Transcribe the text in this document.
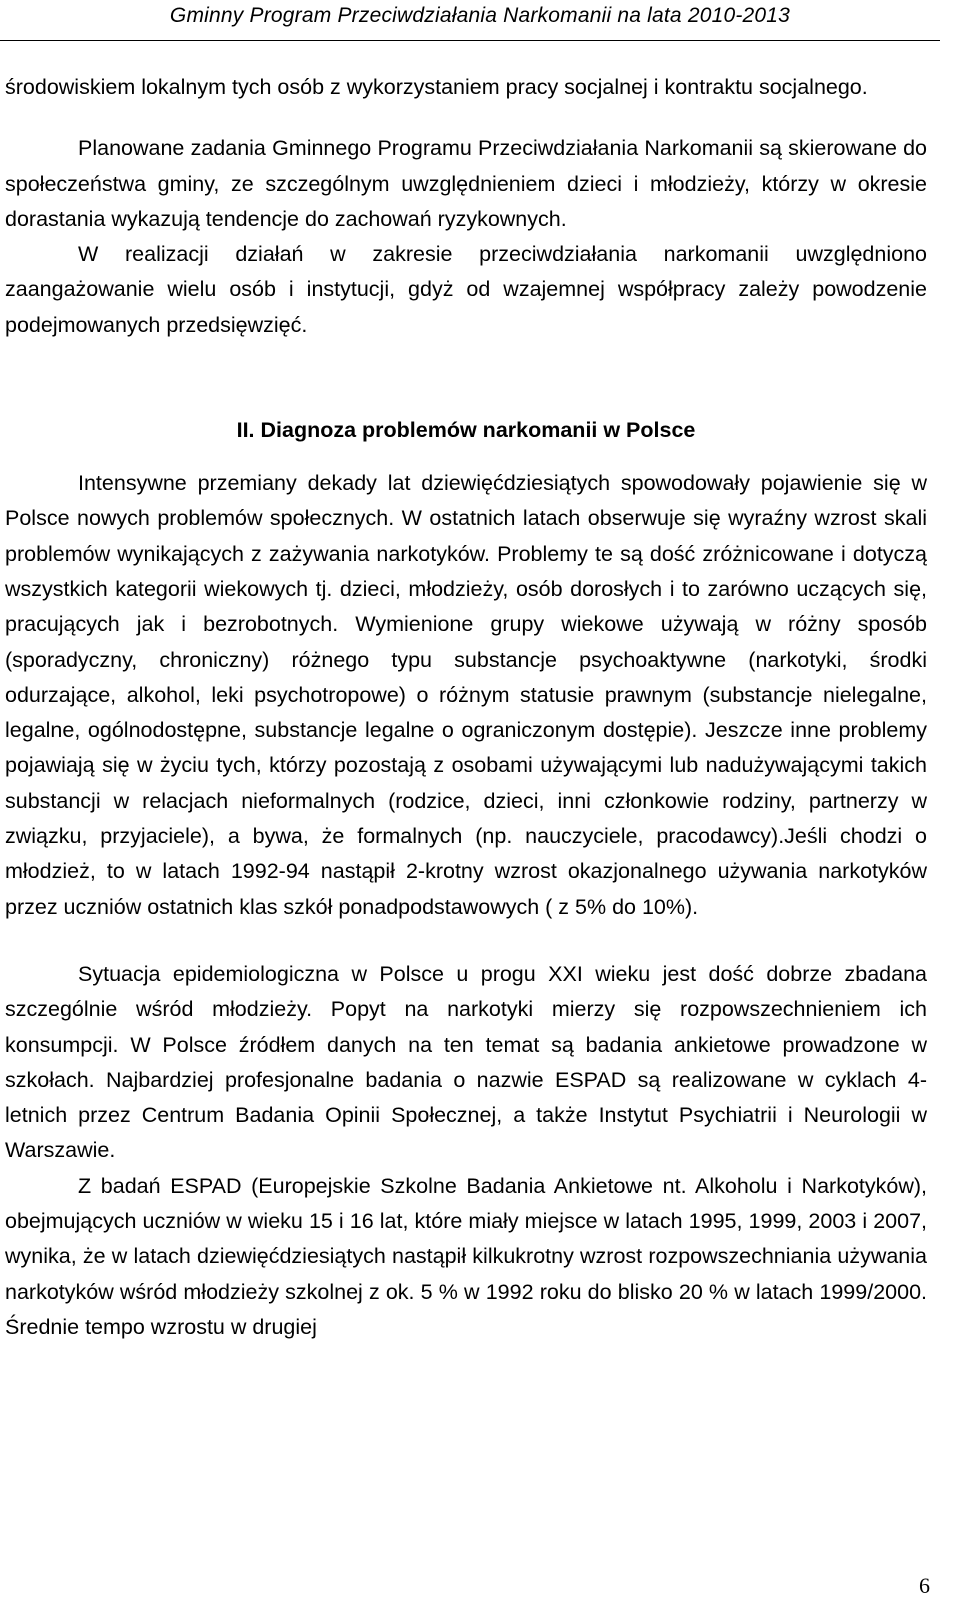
Gminny Program Przeciwdziałania Narkomanii na lata 2010-2013

środowiskiem lokalnym tych osób z wykorzystaniem pracy socjalnej i kontraktu socjalnego.

Planowane zadania Gminnego Programu Przeciwdziałania Narkomanii są skierowane do społeczeństwa gminy, ze szczególnym uwzględnieniem dzieci i młodzieży, którzy w okresie dorastania wykazują tendencje do zachowań ryzykownych.

W realizacji działań w zakresie przeciwdziałania narkomanii uwzględniono zaangażowanie wielu osób i instytucji, gdyż od wzajemnej współpracy zależy powodzenie podejmowanych przedsięwzięć.

II. Diagnoza problemów narkomanii w Polsce

Intensywne przemiany dekady lat dziewięćdziesiątych spowodowały pojawienie się w Polsce nowych problemów społecznych. W ostatnich latach obserwuje się wyraźny wzrost skali problemów wynikających z zażywania narkotyków. Problemy te są dość zróżnicowane i dotyczą wszystkich kategorii wiekowych tj. dzieci, młodzieży, osób dorosłych i to zarówno uczących się, pracujących jak i bezrobotnych. Wymienione grupy wiekowe używają w różny sposób (sporadyczny, chroniczny) różnego typu substancje psychoaktywne (narkotyki, środki odurzające, alkohol, leki psychotropowe) o różnym statusie prawnym (substancje nielegalne, legalne, ogólnodostępne, substancje legalne o ograniczonym dostępie). Jeszcze inne problemy pojawiają się w życiu tych, którzy pozostają z osobami używającymi lub nadużywającymi takich substancji w relacjach nieformalnych (rodzice, dzieci, inni członkowie rodziny, partnerzy w związku, przyjaciele), a bywa, że formalnych (np. nauczyciele, pracodawcy).Jeśli chodzi o młodzież, to w latach 1992-94 nastąpił 2-krotny wzrost okazjonalnego używania narkotyków przez uczniów ostatnich klas szkół ponadpodstawowych ( z 5% do 10%).

Sytuacja epidemiologiczna w Polsce u progu XXI wieku jest dość dobrze zbadana szczególnie wśród młodzieży. Popyt na narkotyki mierzy się rozpowszechnieniem ich konsumpcji. W Polsce źródłem danych na ten temat są badania ankietowe prowadzone w szkołach. Najbardziej profesjonalne badania o nazwie ESPAD są realizowane w cyklach 4-letnich przez Centrum Badania Opinii Społecznej, a także Instytut Psychiatrii i Neurologii w Warszawie.

Z badań ESPAD (Europejskie Szkolne Badania Ankietowe nt. Alkoholu i Narkotyków), obejmujących uczniów w wieku 15 i 16 lat, które miały miejsce w latach 1995, 1999, 2003 i 2007, wynika, że w latach dziewięćdziesiątych nastąpił kilkukrotny wzrost rozpowszechniania używania narkotyków wśród młodzieży szkolnej z ok. 5 % w 1992 roku do blisko 20 % w latach 1999/2000. Średnie tempo wzrostu w drugiej

6
